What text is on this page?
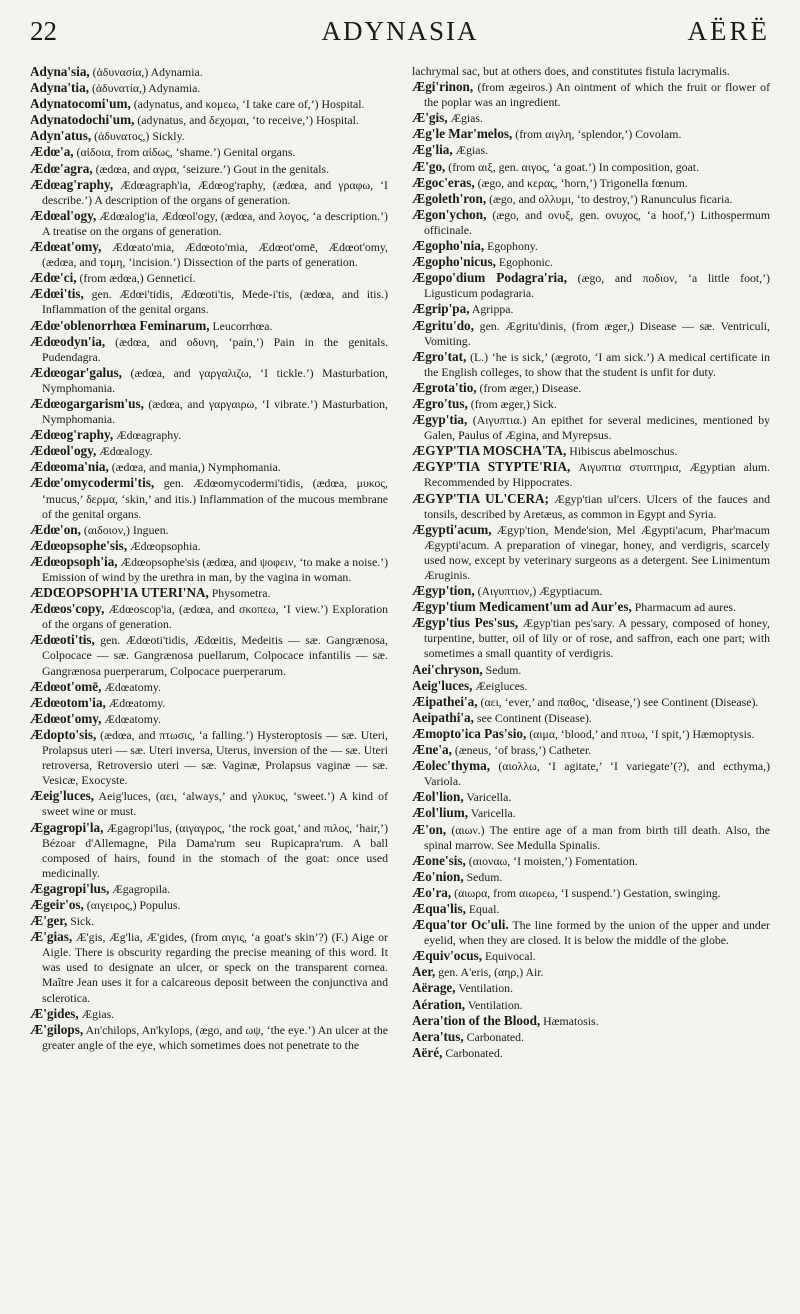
22	ADYNASIA	AËRË

Adyna'sia, (ἀδυνασία,) Adynamia.

Adyna'tia, (ἀδυνατία,) Adynamia.

Adynatocomi'um, (adynatus, and κομεω, ‘I take care of,’) Hospital.

Adynatodochi'um, (adynatus, and δεχομαι, ‘to receive,’) Hospital.

Adyn'atus, (ἀδυνατος,) Sickly.

Ædœ'a, (αἰδοια, from αἰδως, ‘shame.’) Genital organs.

Ædœ'agra, (ædœa, and αγρα, ‘seizure.’) Gout in the genitals.

Ædœag'raphy, Ædœagraph'ia, Ædœog'raphy, (ædœa, and γραφω, ‘I describe.’) A description of the organs of generation.

Ædœal'ogy, Ædœalog'ia, Ædœol'ogy, (ædœa, and λογος, ‘a description.’) A treatise on the organs of generation.

Ædœat'omy, Ædœato'mia, Ædœoto'mia, Ædœot'omē, Ædœot'omy, (ædœa, and τομη, ‘incision.’) Dissection of the parts of generation.

Ædœ'ci, (from ædœa,) Genneticí.

Ædœi'tis, gen. Ædœi'tidis, Ædœoti'tis, Mede-i'tis, (ædœa, and itis.) Inflammation of the genital organs.

Ædœ'oblenorrhœa Feminarum, Leucorrhœa.

Ædœodyn'ia, (ædœa, and οδυνη, ‘pain,’) Pain in the genitals. Pudendagra.

Ædœogar'galus, (ædœa, and γαργαλιζω, ‘I tickle.’) Masturbation, Nymphomania.

Ædœogargarism'us, (ædœa, and γαργαιρω, ‘I vibrate.’) Masturbation, Nymphomania.

Ædœog'raphy, Ædœagraphy.

Ædœol'ogy, Ædœalogy.

Ædœoma'nia, (ædœa, and mania,) Nymphomania.

Ædœ'omycodermi'tis, gen. Ædœomycodermi'tidis, (ædœa, μυκος, ‘mucus,’ δερμα, ‘skin,’ and itis.) Inflammation of the mucous membrane of the genital organs.

Ædœ'on, (αιδοιον,) Inguen.

Ædœopsophe'sis, Ædœopsophia.

Ædœopsoph'ia, Ædœopsophe'sis (ædœa, and ψοφειν, ‘to make a noise.’) Emission of wind by the urethra in man, by the vagina in woman.

ÆDŒOPSOPH'IA UTERI'NA, Physometra.

Ædœos'copy, Ædœoscop'ia, (ædœa, and σκοπεω, ‘I view.’) Exploration of the organs of generation.

Ædœoti'tis, gen. Ædœoti'tidis, Ædœitis, Medeitis — sæ. Gangrænosa, Colpocace — sæ. Gangrænosa puellarum, Colpocace infantilis — sæ. Gangrænosa puerperarum, Colpocace puerperarum.

Ædœot'omē, Ædœatomy.

Ædœotom'ia, Ædœatomy.

Ædœot'omy, Ædœatomy.

Ædopto'sis, (ædœa, and πτωσις, ‘a falling.’) Hysteroptosis — sæ. Uteri, Prolapsus uteri — sæ. Uteri inversa, Uterus, inversion of the — sæ. Uteri retroversa, Retroversio uteri — sæ. Vaginæ, Prolapsus vaginæ — sæ. Vesicæ, Exocyste.

Æeig'luces, Aeig'luces, (αει, ‘always,’ and γλυκυς, ‘sweet.’) A kind of sweet wine or must.

Ægagropi'la, Ægagropi'lus, (αιγαγρος, ‘the rock goat,’ and πιλος, ‘hair,’) Bézoar d'Allemagne, Pila Dama'rum seu Rupicapra'rum. A ball composed of hairs, found in the stomach of the goat: once used medicinally.

Ægagropi'lus, Ægagropila.

Ægeir'os, (αιγειρος,) Populus.

Æ'ger, Sick.

Æ'gias, Æ'gis, Æg'lia, Æ'gides, (from αιγις, ‘a goat's skin’?) (F.) Aige or Aigle. There is obscurity regarding the precise meaning of this word. It was used to designate an ulcer, or speck on the transparent cornea. Maître Jean uses it for a calcareous deposit between the conjunctiva and sclerotica.

Æ'gides, Ægias.

Æ'gilops, An'chilops, An'kylops, (ægo, and ωψ, ‘the eye.’) An ulcer at the greater angle of the eye, which sometimes does not penetrate to the

lachrymal sac, but at others does, and constitutes fistula lacrymalis.

Ægi'rinon, (from ægeiros.) An ointment of which the fruit or flower of the poplar was an ingredient.

Æ'gis, Ægias.

Æg'le Mar'melos, (from αιγλη, ‘splendor,’) Covolam.

Æg'lia, Ægias.

Æ'go, (from αιξ, gen. αιγος, ‘a goat.’) In composition, goat.

Ægoc'eras, (ægo, and κερας, ‘horn,’) Trigonella fœnum.

Ægoleth'ron, (ægo, and ολλυμι, ‘to destroy,’) Ranunculus ficaria.

Ægon'ychon, (ægo, and ονυξ, gen. ονυχος, ‘a hoof,’) Lithospermum officinale.

Ægopho'nia, Egophony.

Ægopho'nicus, Egophonic.

Ægopo'dium Podagra'ria, (ægo, and ποδιον, ‘a little foot,’) Ligusticum podagraria.

Ægrip'pa, Agrippa.

Ægritu'do, gen. Ægritu'dinis, (from æger,) Disease — sæ. Ventriculi, Vomiting.

Ægro'tat, (L.) ‘he is sick,’ (ægroto, ‘I am sick.’) A medical certificate in the English colleges, to show that the student is unfit for duty.

Ægrota'tio, (from æger,) Disease.

Ægro'tus, (from æger,) Sick.

Ægyp'tia, (Αιγυπτια.) An epithet for several medicines, mentioned by Galen, Paulus of Ægina, and Myrepsus.

ÆGYP'TIA MOSCHA'TA, Hibiscus abelmoschus.

ÆGYP'TIA STYPTE'RIA, Αιγυπτια στυπτηρια, Ægyptian alum. Recommended by Hippocrates.

ÆGYP'TIA UL'CERA; Ægyp'tian ul'cers. Ulcers of the fauces and tonsils, described by Aretæus, as common in Egypt and Syria.

Ægypti'acum, Ægyp'tion, Mende'sion, Mel Ægypti'acum, Phar'macum Ægypti'acum. A preparation of vinegar, honey, and verdigris, scarcely used now, except by veterinary surgeons as a detergent. See Linimentum Æruginis.

Ægyp'tion, (Αιγυπτιον,) Ægyptiacum.

Ægyp'tium Medicament'um ad Aur'es, Pharmacum ad aures.

Ægyp'tius Pes'sus, Ægyp'tian pes'sary. A pessary, composed of honey, turpentine, butter, oil of lily or of rose, and saffron, each one part; with sometimes a small quantity of verdigris.

Aei'chryson, Sedum.

Aeig'luces, Æeigluces.

Æipathei'a, (αει, ‘ever,’ and παθος, ‘disease,’) see Continent (Disease).

Aeipathi'a, see Continent (Disease).

Æmopto'ica Pas'sio, (αιμα, ‘blood,’ and πτυω, ‘I spit,’) Hæmoptysis.

Æne'a, (æneus, ‘of brass,’) Catheter.

Æolec'thyma, (αιολλω, ‘I agitate,’ ‘I variegate’(?), and ecthyma,) Variola.

Æol'lion, Varicella.

Æol'lium, Varicella.

Æ'on, (αιων.) The entire age of a man from birth till death. Also, the spinal marrow. See Medulla Spinalis.

Æone'sis, (αιοναω, ‘I moisten,’) Fomentation.

Æo'nion, Sedum.

Æo'ra, (αιωρα, from αιωρεω, ‘I suspend.’) Gestation, swinging.

Æqua'lis, Equal.

Æqua'tor Oc'uli. The line formed by the union of the upper and under eyelid, when they are closed. It is below the middle of the globe.

Æquiv'ocus, Equivocal.

Aer, gen. A'eris, (αηρ,) Air.

Aërage, Ventilation.

Aération, Ventilation.

Aera'tion of the Blood, Hæmatosis.

Aera'tus, Carbonated.

Aëré, Carbonated.
